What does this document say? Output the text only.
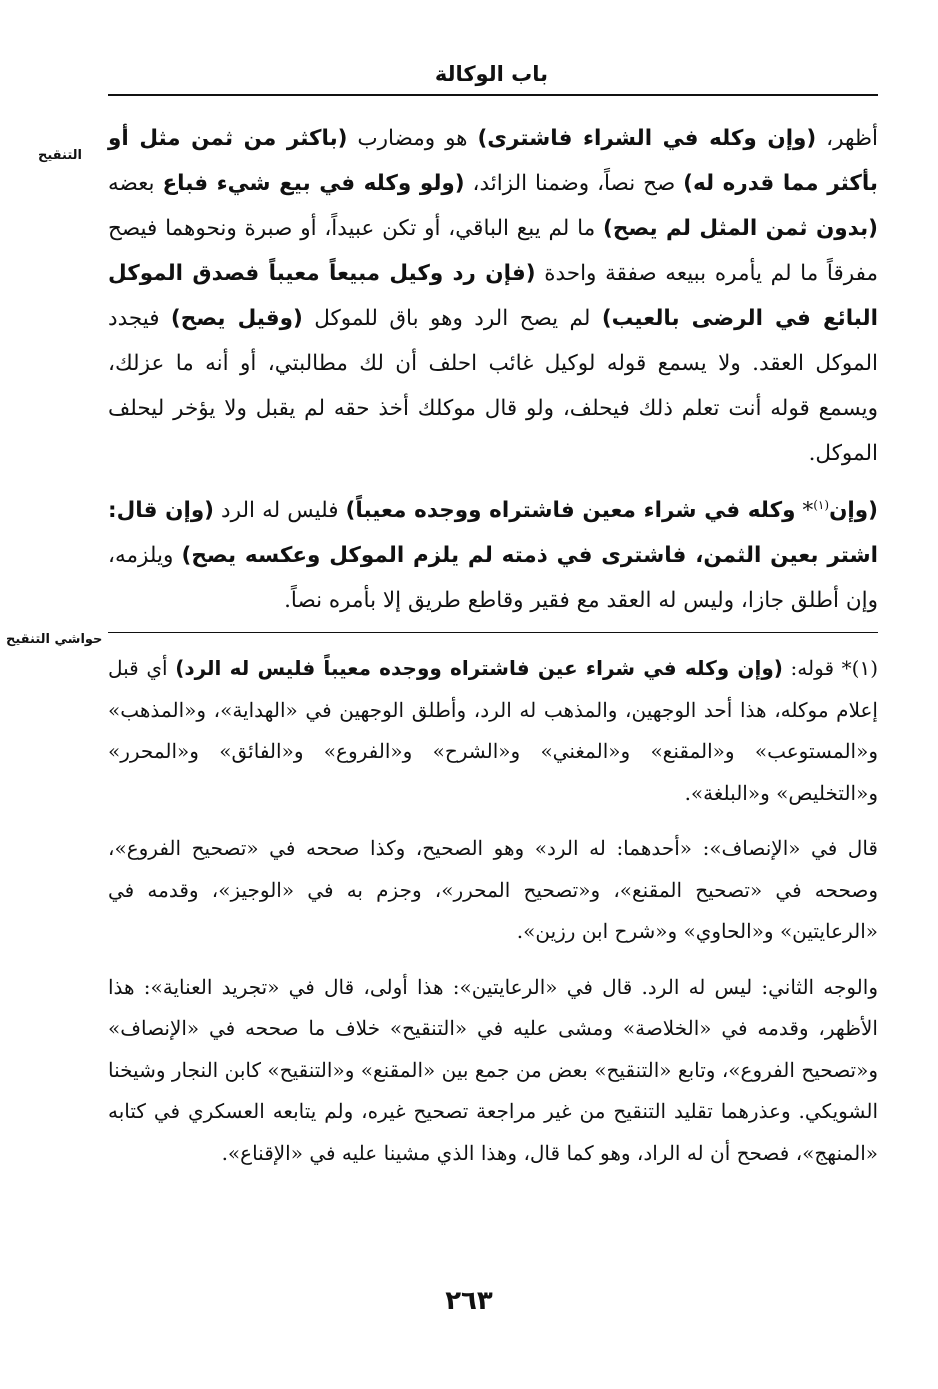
باب الوكالة
التنقيح
حواشي التنقيح

أظهر، (وإن وكله في الشراء فاشترى) هو ومضارب (باكثر من ثمن مثل أو بأكثر مما قدره له) صح نصاً، وضمنا الزائد، (ولو وكله في بيع شيء فباع بعضه (بدون ثمن المثل لم يصح) ما لم يبع الباقي، أو تكن عبيداً، أو صبرة ونحوهما فيصح مفرقاً ما لم يأمره ببيعه صفقة واحدة (فإن رد وكيل مبيعاً معيباً فصدق الموكل البائع في الرضى بالعيب) لم يصح الرد وهو باق للموكل (وقيل يصح) فيجدد الموكل العقد. ولا يسمع قوله لوكيل غائب احلف أن لك مطالبتي، أو أنه ما عزلك، ويسمع قوله أنت تعلم ذلك فيحلف، ولو قال موكلك أخذ حقه لم يقبل ولا يؤخر ليحلف الموكل.

(وإن$^{(١)}$* وكله في شراء معين فاشتراه ووجده معيباً) فليس له الرد (وإن قال: اشتر بعين الثمن، فاشترى في ذمته لم يلزم الموكل وعكسه يصح) ويلزمه، وإن أطلق جازا، وليس له العقد مع فقير وقاطع طريق إلا بأمره نصاً.

(١)* قوله: (وإن وكله في شراء عين فاشتراه ووجده معيباً فليس له الرد) أي قبل إعلام موكله، هذا أحد الوجهين، والمذهب له الرد، وأطلق الوجهين في «الهداية»، و«المذهب» و«المستوعب» و«المقنع» و«المغني» و«الشرح» و«الفروع» و«الفائق» و«المحرر» و«التخليص» و«البلغة».

قال في «الإنصاف»: «أحدهما: له الرد» وهو الصحيح، وكذا صححه في «تصحيح الفروع»، وصححه في «تصحيح المقنع»، و«تصحيح المحرر»، وجزم به في «الوجيز»، وقدمه في «الرعايتين» و«الحاوي» و«شرح ابن رزين».

والوجه الثاني: ليس له الرد. قال في «الرعايتين»: هذا أولى، قال في «تجريد العناية»: هذا الأظهر، وقدمه في «الخلاصة» ومشى عليه في «التنقيح» خلاف ما صححه في «الإنصاف» و«تصحيح الفروع»، وتابع «التنقيح» بعض من جمع بين «المقنع» و«التنقيح» كابن النجار وشيخنا الشويكي. وعذرهما تقليد التنقيح من غير مراجعة تصحيح غيره، ولم يتابعه العسكري في كتابه «المنهج»، فصحح أن له الراد، وهو كما قال، وهذا الذي مشينا عليه في «الإقناع».

٢٦٣
